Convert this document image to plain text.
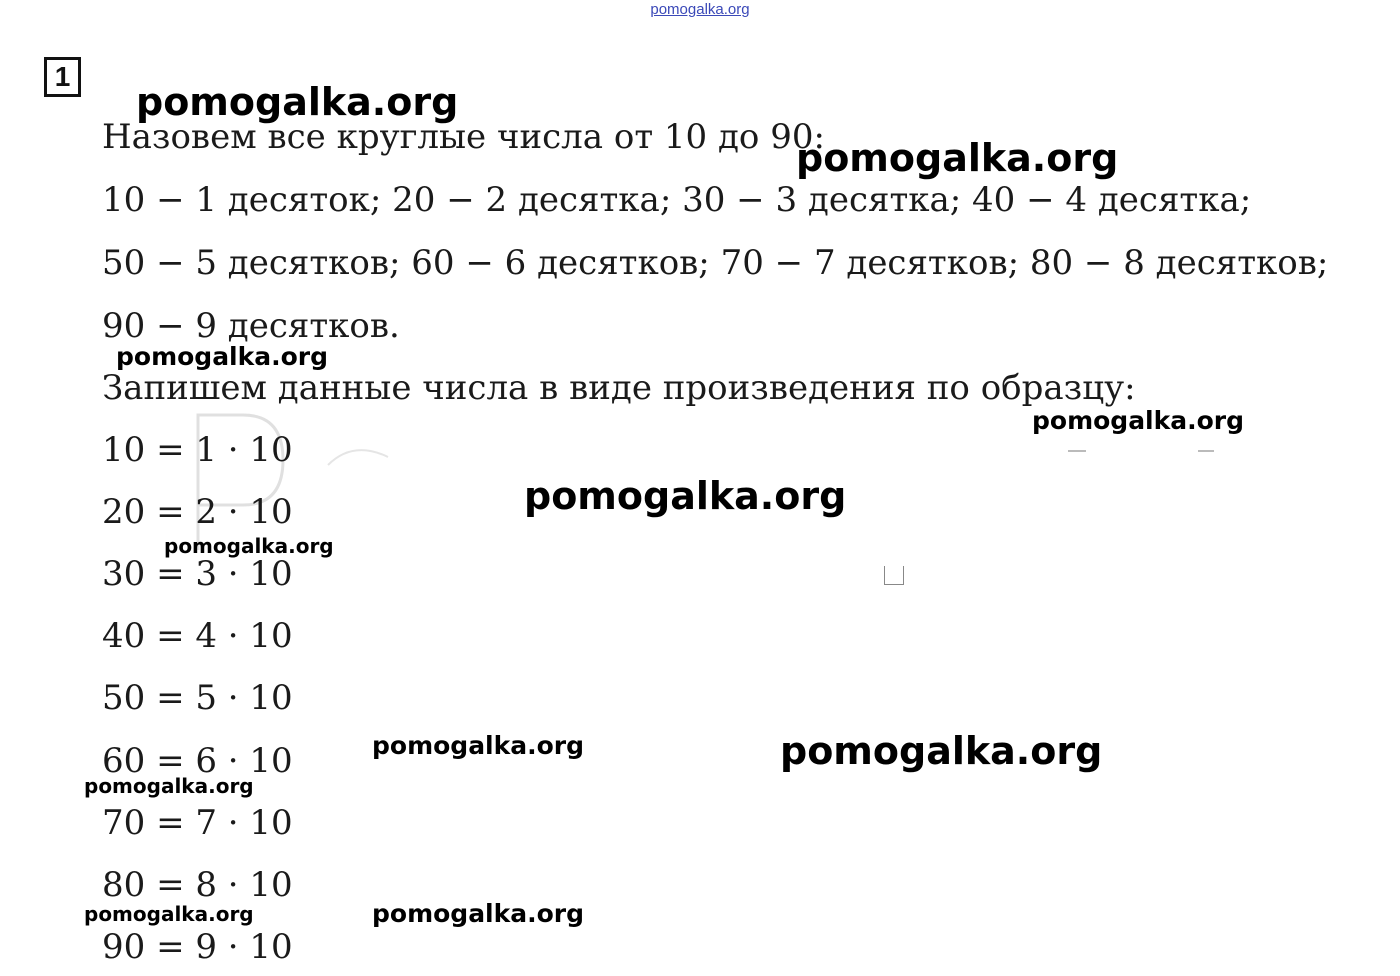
pomogalka.org
1
Назовем все круглые числа от 10 до 90:
10 − 1 десяток; 20 − 2 десятка; 30 − 3 десятка; 40 − 4 десятка;
50 − 5 десятков; 60 − 6 десятков; 70 − 7 десятков; 80 − 8 десятков;
90 − 9 десятков.
Запишем данные числа в виде произведения по образцу:
10 = 1 · 10
20 = 2 · 10
30 = 3 · 10
40 = 4 · 10
50 = 5 · 10
60 = 6 · 10
70 = 7 · 10
80 = 8 · 10
90 = 9 · 10
pomogalka.org
pomogalka.org
pomogalka.org
pomogalka.org
pomogalka.org
pomogalka.org
pomogalka.org	pomogalka.org
pomogalka.org
pomogalka.org	pomogalka.org
